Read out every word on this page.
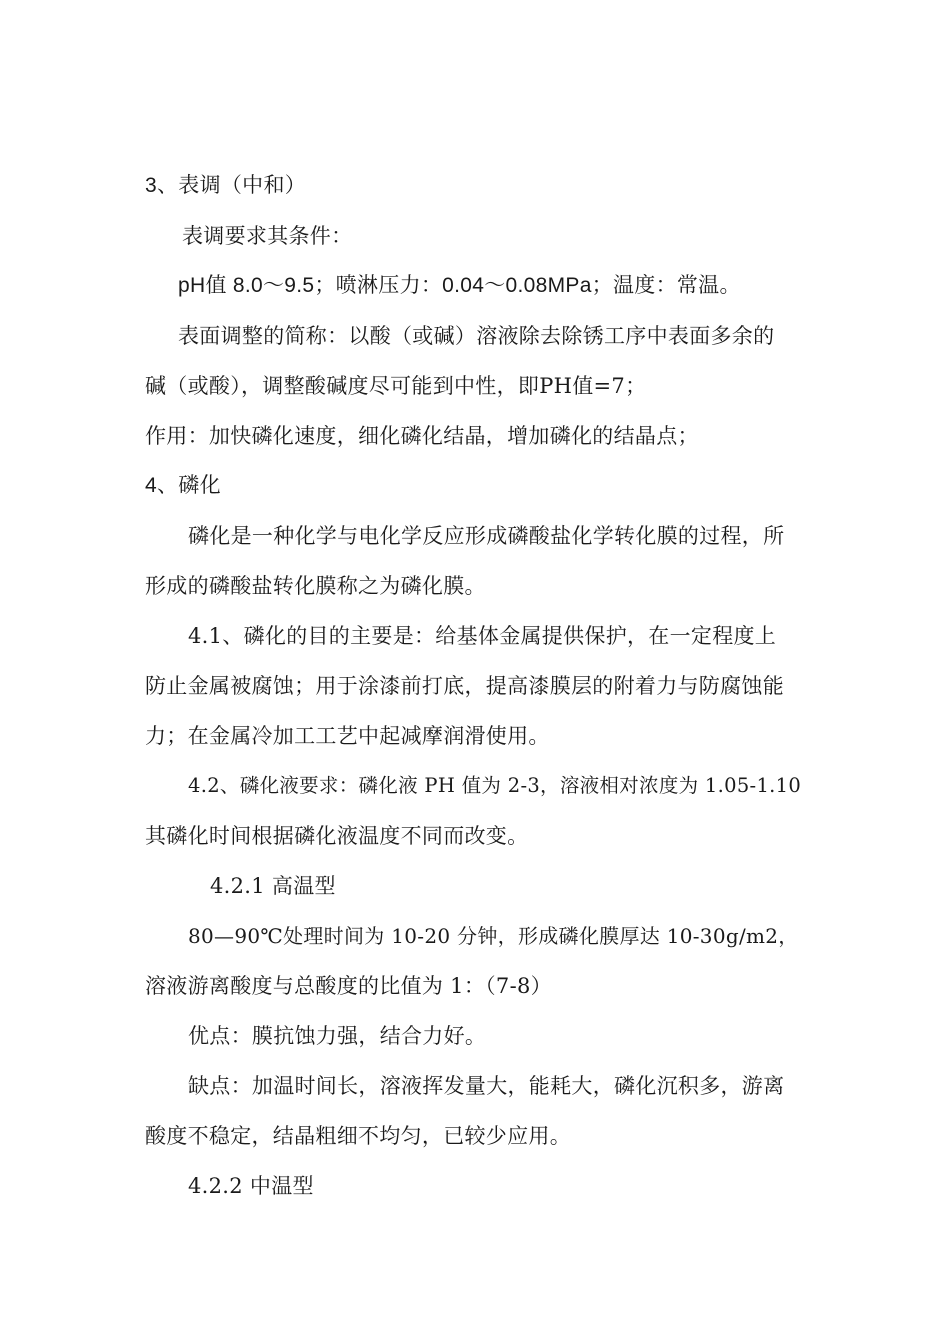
3、表调（中和）
表调要求其条件：
pH值 8.0～9.5；喷淋压力：0.04～0.08MPa；温度：常温。
表面调整的简称：以酸（或碱）溶液除去除锈工序中表面多余的
碱（或酸），调整酸碱度尽可能到中性，即PH值=7；
作用：加快磷化速度，细化磷化结晶，增加磷化的结晶点；
4、磷化
磷化是一种化学与电化学反应形成磷酸盐化学转化膜的过程，所
形成的磷酸盐转化膜称之为磷化膜。
4.1、磷化的目的主要是：给基体金属提供保护，在一定程度上
防止金属被腐蚀；用于涂漆前打底，提高漆膜层的附着力与防腐蚀能
力；在金属冷加工工艺中起减摩润滑使用。
4.2、磷化液要求：磷化液 PH 值为 2-3，溶液相对浓度为 1.05-1.10
其磷化时间根据磷化液温度不同而改变。
4.2.1 高温型
80—90℃处理时间为 10-20 分钟，形成磷化膜厚达 10-30g/m2，
溶液游离酸度与总酸度的比值为 1：（7-8）
优点：膜抗蚀力强，结合力好。
缺点：加温时间长，溶液挥发量大，能耗大，磷化沉积多，游离
酸度不稳定，结晶粗细不均匀，已较少应用。
4.2.2 中温型
